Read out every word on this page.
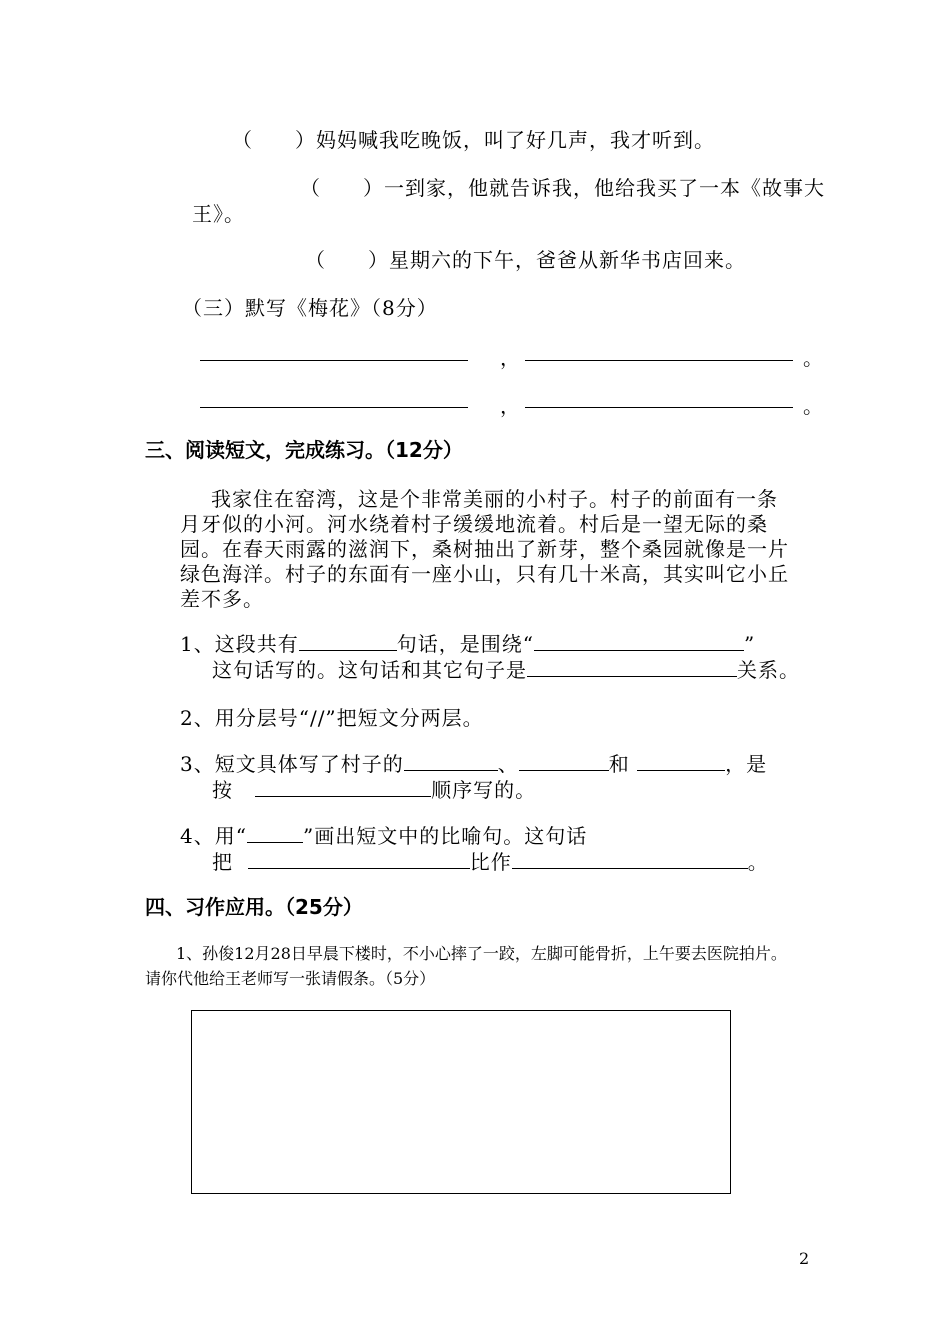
（　　）妈妈喊我吃晚饭，叫了好几声，我才听到。
（　　）一到家，他就告诉我，他给我买了一本《故事大
王》。
（　　）星期六的下午，爸爸从新华书店回来。
（三）默写《梅花》（8分）
，	。
，	。
三、阅读短文，完成练习。（12分）
我家住在窑湾，这是个非常美丽的小村子。村子的前面有一条
月牙似的小河。河水绕着村子缓缓地流着。村后是一望无际的桑
园。在春天雨露的滋润下，桑树抽出了新芽，整个桑园就像是一片
绿色海洋。村子的东面有一座小山，只有几十米高，其实叫它小丘
差不多。
1、这段共有	句话，是围绕“	”
这句话写的。这句话和其它句子是	关系。
2、用分层号“//”把短文分两层。
3、短文具体写了村子的	、	和	，是
按	顺序写的。
4、用“	”画出短文中的比喻句。这句话
把	比作	。
四、习作应用。（25分）
1、孙俊12月28日早晨下楼时，不小心摔了一跤，左脚可能骨折，上午要去医院拍片。
请你代他给王老师写一张请假条。（5分）
2
